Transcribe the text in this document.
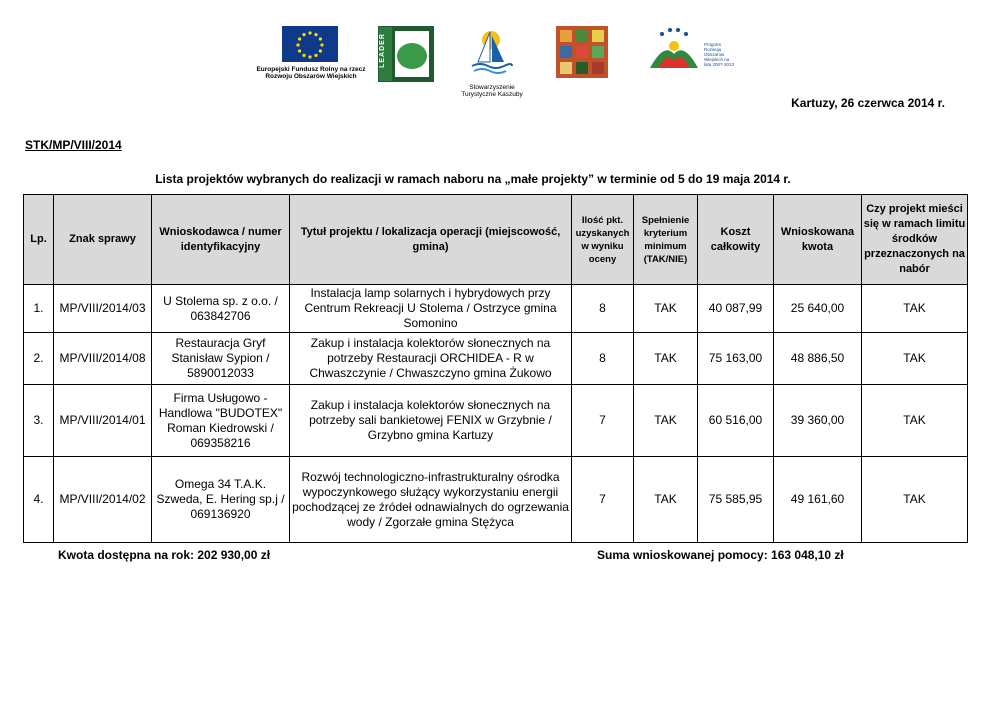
Europejski Fundusz Rolny na rzecz Rozwoju Obszarów Wiejskich
LEADER
Stowarzyszenie Turystyczne Kaszuby
Program Rozwoju Obszarów Wiejskich na lata 2007-2013
Kartuzy, 26 czerwca 2014 r.
STK/MP/VIII/2014
Lista projektów wybranych do realizacji w ramach naboru na „małe projekty” w terminie od 5 do 19 maja 2014 r.
Lp.	Znak sprawy	Wnioskodawca / numer identyfikacyjny	Tytuł projektu / lokalizacja operacji (miejscowość, gmina)	Ilość pkt. uzyskanych w wyniku oceny	Spełnienie kryterium minimum (TAK/NIE)	Koszt całkowity	Wnioskowana kwota	Czy projekt mieści się w ramach limitu środków przeznaczonych na nabór
1.	MP/VIII/2014/03	U Stolema sp. z o.o. / 063842706	Instalacja lamp solarnych i hybrydowych przy Centrum Rekreacji U Stolema / Ostrzyce gmina Somonino	8	TAK	40 087,99	25 640,00	TAK
2.	MP/VIII/2014/08	Restauracja Gryf Stanisław Sypion / 5890012033	Zakup i instalacja kolektorów słonecznych na potrzeby Restauracji ORCHIDEA - R w Chwaszczynie / Chwaszczyno gmina Żukowo	8	TAK	75 163,00	48 886,50	TAK
3.	MP/VIII/2014/01	Firma Usługowo - Handlowa "BUDOTEX" Roman Kiedrowski / 069358216	Zakup i instalacja kolektorów słonecznych na potrzeby sali bankietowej FENIX w Grzybnie / Grzybno gmina Kartuzy	7	TAK	60 516,00	39 360,00	TAK
4.	MP/VIII/2014/02	Omega 34 T.A.K. Szweda, E. Hering sp.j / 069136920	Rozwój technologiczno-infrastrukturalny ośrodka wypoczynkowego służący wykorzystaniu energii pochodzącej ze źródeł odnawialnych do ogrzewania wody / Zgorzałe gmina Stężyca	7	TAK	75 585,95	49 161,60	TAK
Kwota dostępna na rok: 202 930,00 zł	Suma wnioskowanej pomocy: 163 048,10 zł
